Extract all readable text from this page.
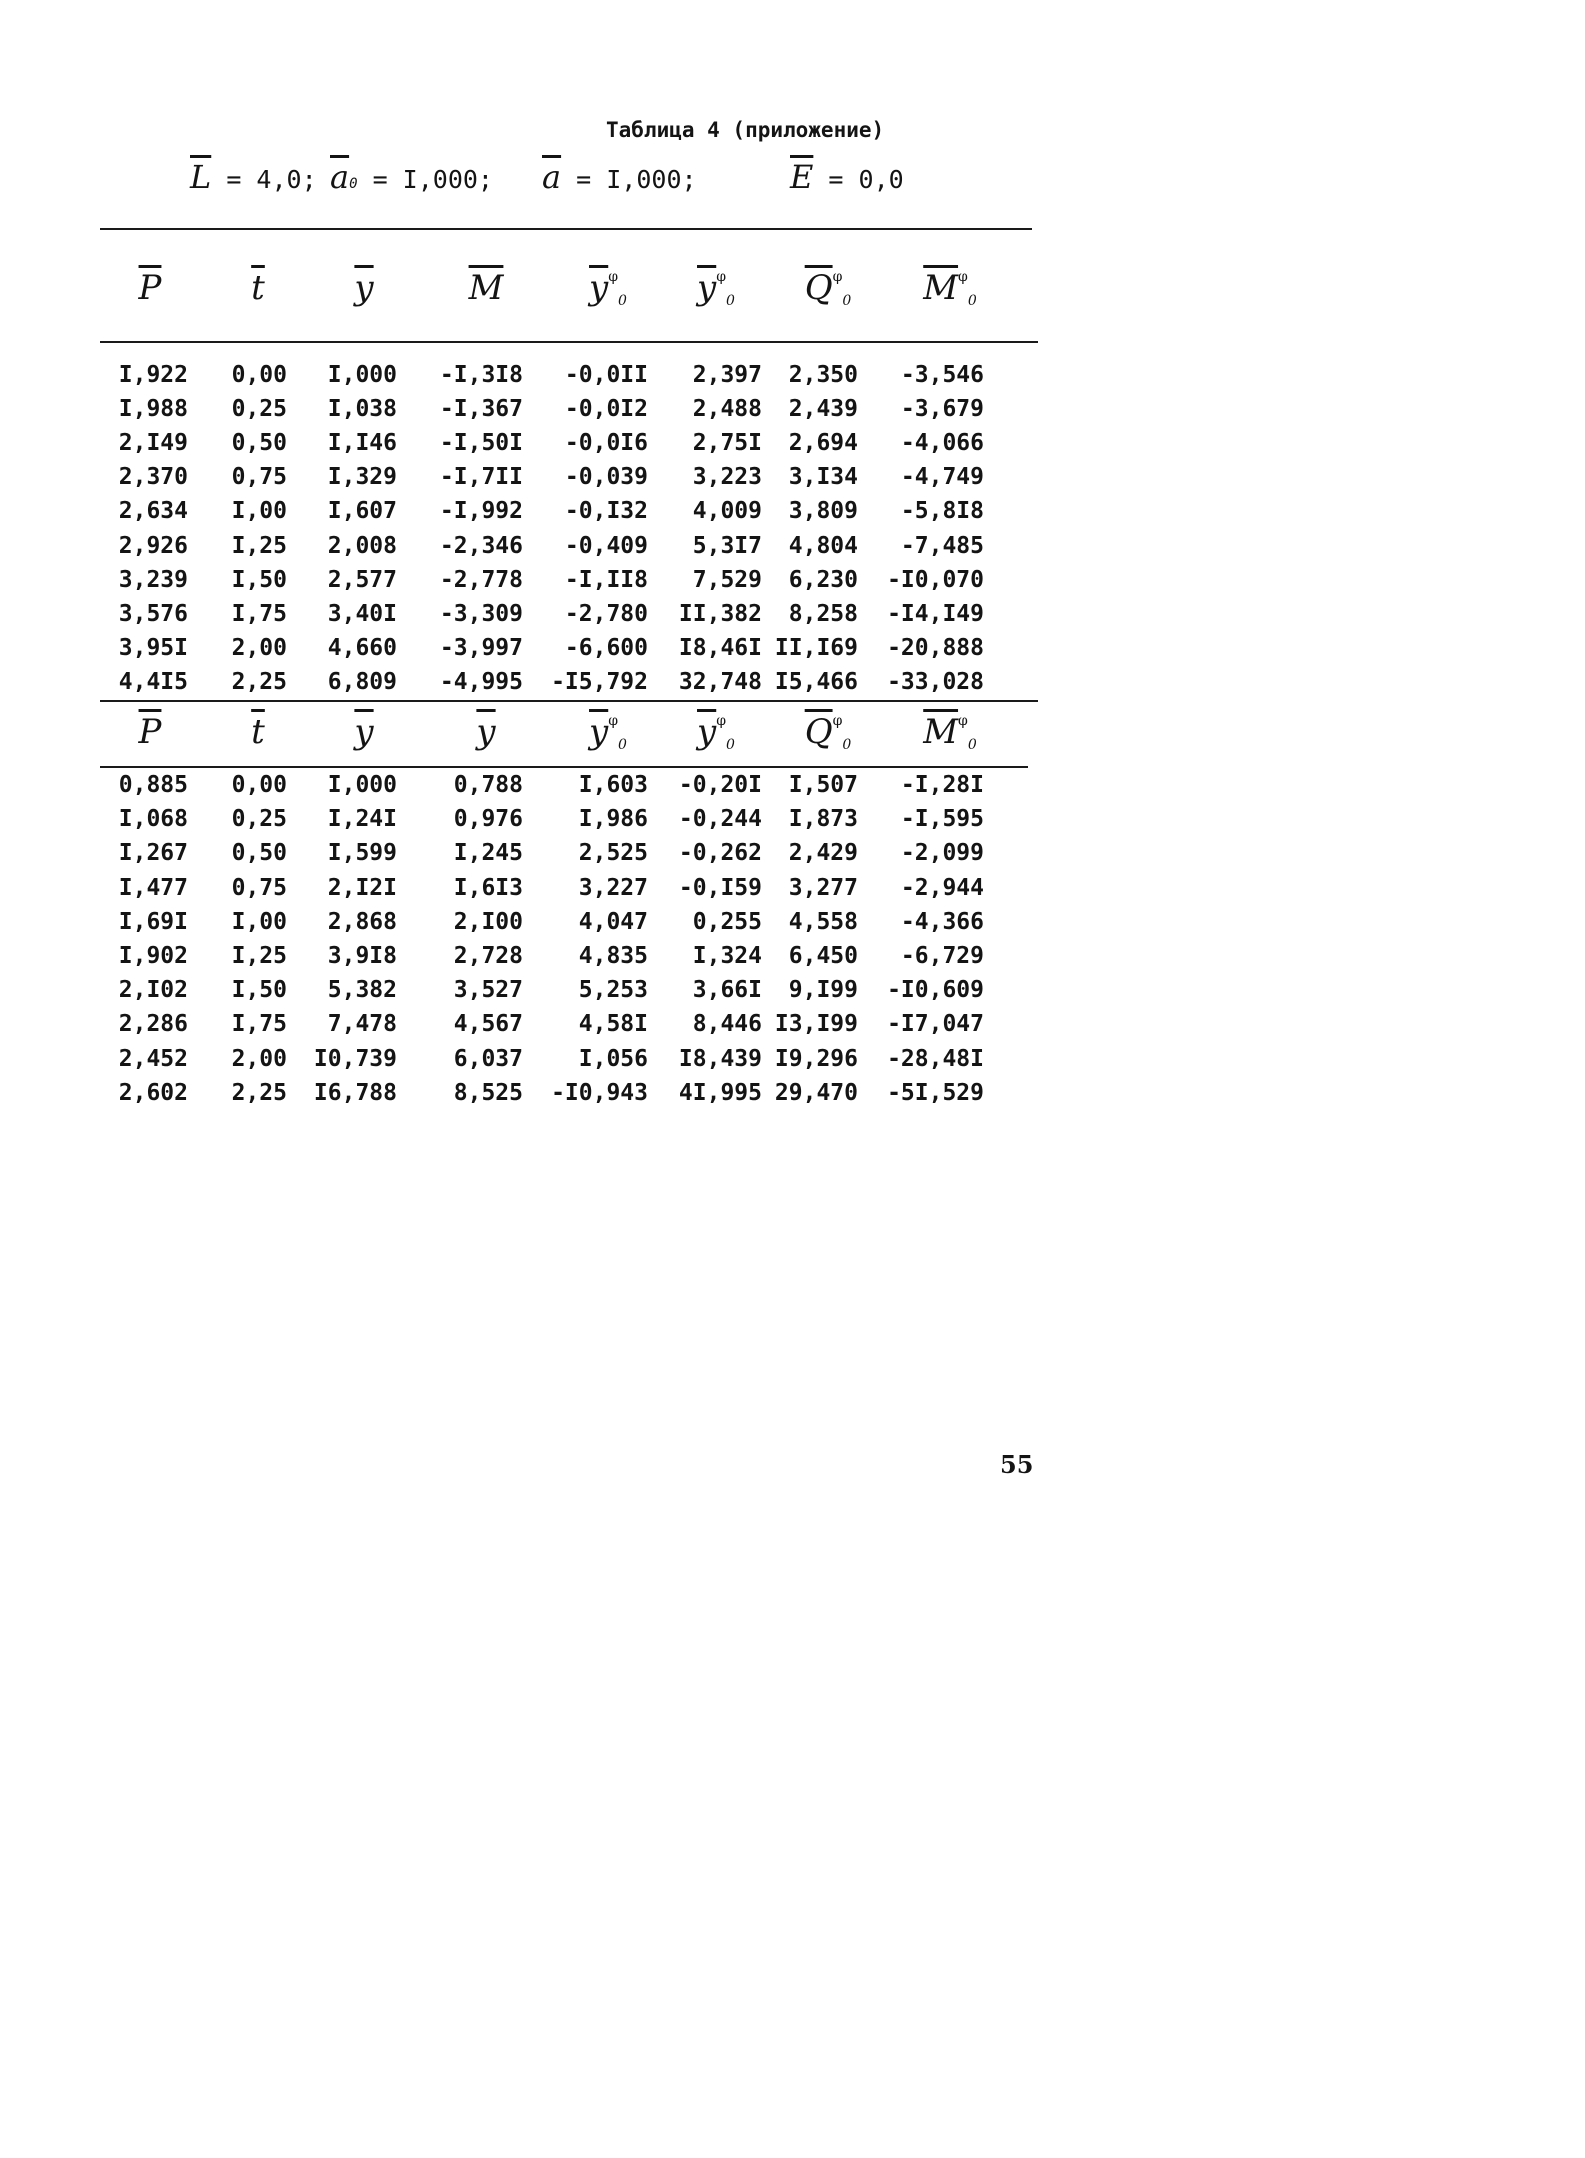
Таблица 4 (приложение)
$\overline{L} = 4,0$; $\overline{a}0 = I,000$; $\overline{a} = I,000$;	$\overline{E} = 0,0$
$\overline{P}$	$\overline{t}$	$\overline{y}$	$\overline{M}$	$\overline{y}^\varphi_0$	$\overline{y}^\varphi_0$	$\overline{Q}^\varphi_0$	$\overline{M}^\varphi_0$
I,922	0,00	I,000	-I,3I8	-0,0II	2,397	2,350	-3,546
I,988	0,25	I,038	-I,367	-0,0I2	2,488	2,439	-3,679
2,I49	0,50	I,I46	-I,50I	-0,0I6	2,75I	2,694	-4,066
2,370	0,75	I,329	-I,7II	-0,039	3,223	3,I34	-4,749
2,634	I,00	I,607	-I,992	-0,I32	4,009	3,809	-5,8I8
2,926	I,25	2,008	-2,346	-0,409	5,3I7	4,804	-7,485
3,239	I,50	2,577	-2,778	-I,II8	7,529	6,230	-I0,070
3,576	I,75	3,40I	-3,309	-2,780	II,382	8,258	-I4,I49
3,95I	2,00	4,660	-3,997	-6,600	I8,46I II,I69	-20,888
4,4I5	2,25	6,809	-4,995	-I5,792	32,748 I5,466	-33,028
$\overline{P}$	$\overline{t}$	$\overline{y}$	$\overline{y}$	$\overline{y}^\varphi_0$	$\overline{y}^\varphi_0$	$\overline{Q}^\varphi_0$	$\overline{M}^\varphi_0$
0,885	0,00	I,000	0,788	I,603	-0,20I	I,507	-I,28I
I,068	0,25	I,24I	0,976	I,986	-0,244	I,873	-I,595
I,267	0,50	I,599	I,245	2,525	-0,262	2,429	-2,099
I,477	0,75	2,I2I	I,6I3	3,227	-0,I59	3,277	-2,944
I,69I	I,00	2,868	2,I00	4,047	0,255	4,558	-4,366
I,902	I,25	3,9I8	2,728	4,835	I,324	6,450	-6,729
2,I02	I,50	5,382	3,527	5,253	3,66I	9,I99	-I0,609
2,286	I,75	7,478	4,567	4,58I	8,446 I3,I99	-I7,047
2,452	2,00	I0,739	6,037	I,056	I8,439 I9,296	-28,48I
2,602	2,25	I6,788	8,525	-I0,943	4I,995 29,470	-5I,529
55
